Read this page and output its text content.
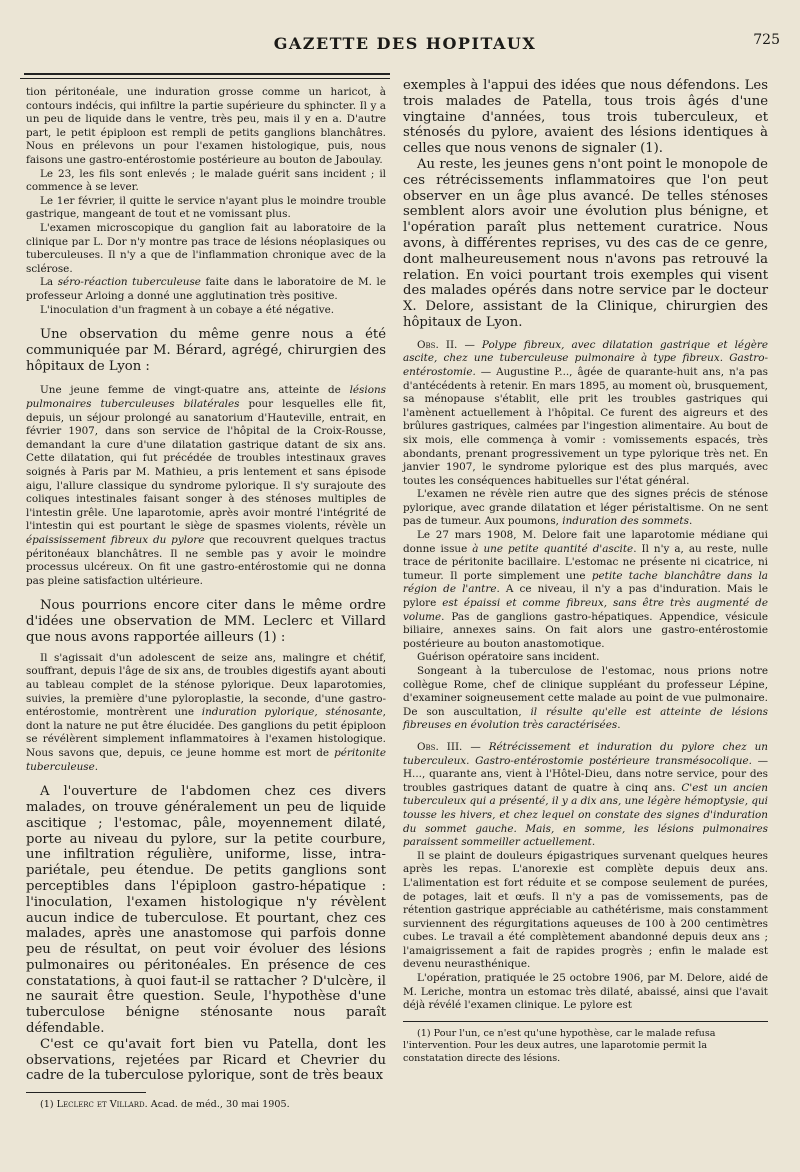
GAZETTE DES HOPITAUX	725

tion péritonéale, une induration grosse comme un haricot, à contours indécis, qui infiltre la partie supérieure du sphincter. Il y a un peu de liquide dans le ventre, très peu, mais il y en a. D'autre part, le petit épiploon est rempli de petits ganglions blanchâtres. Nous en prélevons un pour l'examen histologique, puis, nous faisons une gastro-entérostomie postérieure au bouton de Jaboulay.

Le 23, les fils sont enlevés ; le malade guérit sans incident ; il commence à se lever.

Le 1er février, il quitte le service n'ayant plus le moindre trouble gastrique, mangeant de tout et ne vomissant plus.

L'examen microscopique du ganglion fait au laboratoire de la clinique par L. Dor n'y montre pas trace de lésions néoplasiques ou tuberculeuses. Il n'y a que de l'inflammation chronique avec de la sclérose.

La séro-réaction tuberculeuse faite dans le laboratoire de M. le professeur Arloing a donné une agglutination très positive.

L'inoculation d'un fragment à un cobaye a été négative.

Une observation du même genre nous a été communiquée par M. Bérard, agrégé, chirurgien des hôpitaux de Lyon :

Une jeune femme de vingt-quatre ans, atteinte de lésions pulmonaires tuberculeuses bilatérales pour lesquelles elle fit, depuis, un séjour prolongé au sanatorium d'Hauteville, entrait, en février 1907, dans son service de l'hôpital de la Croix-Rousse, demandant la cure d'une dilatation gastrique datant de six ans. Cette dilatation, qui fut précédée de troubles intestinaux graves soignés à Paris par M. Mathieu, a pris lentement et sans épisode aigu, l'allure classique du syndrome pylorique. Il s'y surajoute des coliques intestinales faisant songer à des sténoses multiples de l'intestin grêle. Une laparotomie, après avoir montré l'intégrité de l'intestin qui est pourtant le siège de spasmes violents, révèle un épaississement fibreux du pylore que recouvrent quelques tractus péritonéaux blanchâtres. Il ne semble pas y avoir le moindre processus ulcéreux. On fit une gastro-entérostomie qui ne donna pas pleine satisfaction ultérieure.

Nous pourrions encore citer dans le même ordre d'idées une observation de MM. Leclerc et Villard que nous avons rapportée ailleurs (1) :

Il s'agissait d'un adolescent de seize ans, malingre et chétif, souffrant, depuis l'âge de six ans, de troubles digestifs ayant abouti au tableau complet de la sténose pylorique. Deux laparotomies, suivies, la première d'une pyloroplastie, la seconde, d'une gastro-entérostomie, montrèrent une induration pylorique, sténosante, dont la nature ne put être élucidée. Des ganglions du petit épiploon se révélèrent simplement inflammatoires à l'examen histologique. Nous savons que, depuis, ce jeune homme est mort de péritonite tuberculeuse.

A l'ouverture de l'abdomen chez ces divers malades, on trouve généralement un peu de liquide ascitique ; l'estomac, pâle, moyennement dilaté, porte au niveau du pylore, sur la petite courbure, une infiltration régulière, uniforme, lisse, intra-pariétale, peu étendue. De petits ganglions sont perceptibles dans l'épiploon gastro-hépatique : l'inoculation, l'examen histologique n'y révèlent aucun indice de tuberculose. Et pourtant, chez ces malades, après une anastomose qui parfois donne peu de résultat, on peut voir évoluer des lésions pulmonaires ou péritonéales. En présence de ces constatations, à quoi faut-il se rattacher ? D'ulcère, il ne saurait être question. Seule, l'hypothèse d'une tuberculose bénigne sténosante nous paraît défendable.

C'est ce qu'avait fort bien vu Patella, dont les observations, rejetées par Ricard et Chevrier du cadre de la tuberculose pylorique, sont de très beaux

(1) Leclerc et Villard. Acad. de méd., 30 mai 1905.

exemples à l'appui des idées que nous défendons. Les trois malades de Patella, tous trois âgés d'une vingtaine d'années, tous trois tuberculeux, et sténosés du pylore, avaient des lésions identiques à celles que nous venons de signaler (1).

Au reste, les jeunes gens n'ont point le monopole de ces rétrécissements inflammatoires que l'on peut observer en un âge plus avancé. De telles sténoses semblent alors avoir une évolution plus bénigne, et l'opération paraît plus nettement curatrice. Nous avons, à différentes reprises, vu des cas de ce genre, dont malheureusement nous n'avons pas retrouvé la relation. En voici pourtant trois exemples qui visent des malades opérés dans notre service par le docteur X. Delore, assistant de la Clinique, chirurgien des hôpitaux de Lyon.

Obs. II. — Polype fibreux, avec dilatation gastrique et légère ascite, chez une tuberculeuse pulmonaire à type fibreux. Gastro-entérostomie. — Augustine P..., âgée de quarante-huit ans, n'a pas d'antécédents à retenir. En mars 1895, au moment où, brusquement, sa ménopause s'établit, elle prit les troubles gastriques qui l'amènent actuellement à l'hôpital. Ce furent des aigreurs et des brûlures gastriques, calmées par l'ingestion alimentaire. Au bout de six mois, elle commença à vomir : vomissements espacés, très abondants, prenant progressivement un type pylorique très net. En janvier 1907, le syndrome pylorique est des plus marqués, avec toutes les conséquences habituelles sur l'état général.

L'examen ne révèle rien autre que des signes précis de sténose pylorique, avec grande dilatation et léger péristaltisme. On ne sent pas de tumeur. Aux poumons, induration des sommets.

Le 27 mars 1908, M. Delore fait une laparotomie médiane qui donne issue à une petite quantité d'ascite. Il n'y a, au reste, nulle trace de péritonite bacillaire. L'estomac ne présente ni cicatrice, ni tumeur. Il porte simplement une petite tache blanchâtre dans la région de l'antre. A ce niveau, il n'y a pas d'induration. Mais le pylore est épaissi et comme fibreux, sans être très augmenté de volume. Pas de ganglions gastro-hépatiques. Appendice, vésicule biliaire, annexes sains. On fait alors une gastro-entérostomie postérieure au bouton anastomotique.

Guérison opératoire sans incident.

Songeant à la tuberculose de l'estomac, nous prions notre collègue Rome, chef de clinique suppléant du professeur Lépine, d'examiner soigneusement cette malade au point de vue pulmonaire. De son auscultation, il résulte qu'elle est atteinte de lésions fibreuses en évolution très caractérisées.

Obs. III. — Rétrécissement et induration du pylore chez un tuberculeux. Gastro-entérostomie postérieure transmésocolique. — H..., quarante ans, vient à l'Hôtel-Dieu, dans notre service, pour des troubles gastriques datant de quatre à cinq ans. C'est un ancien tuberculeux qui a présenté, il y a dix ans, une légère hémoptysie, qui tousse les hivers, et chez lequel on constate des signes d'induration du sommet gauche. Mais, en somme, les lésions pulmonaires paraissent sommeiller actuellement.

Il se plaint de douleurs épigastriques survenant quelques heures après les repas. L'anorexie est complète depuis deux ans. L'alimentation est fort réduite et se compose seulement de purées, de potages, lait et œufs. Il n'y a pas de vomissements, pas de rétention gastrique appréciable au cathétérisme, mais constamment surviennent des régurgitations aqueuses de 100 à 200 centimètres cubes. Le travail a été complètement abandonné depuis deux ans ; l'amaigrissement a fait de rapides progrès ; enfin le malade est devenu neurasthénique.

L'opération, pratiquée le 25 octobre 1906, par M. Delore, aidé de M. Leriche, montra un estomac très dilaté, abaissé, ainsi que l'avait déjà révélé l'examen clinique. Le pylore est

(1) Pour l'un, ce n'est qu'une hypothèse, car le malade refusa l'intervention. Pour les deux autres, une laparotomie permit la constatation directe des lésions.
